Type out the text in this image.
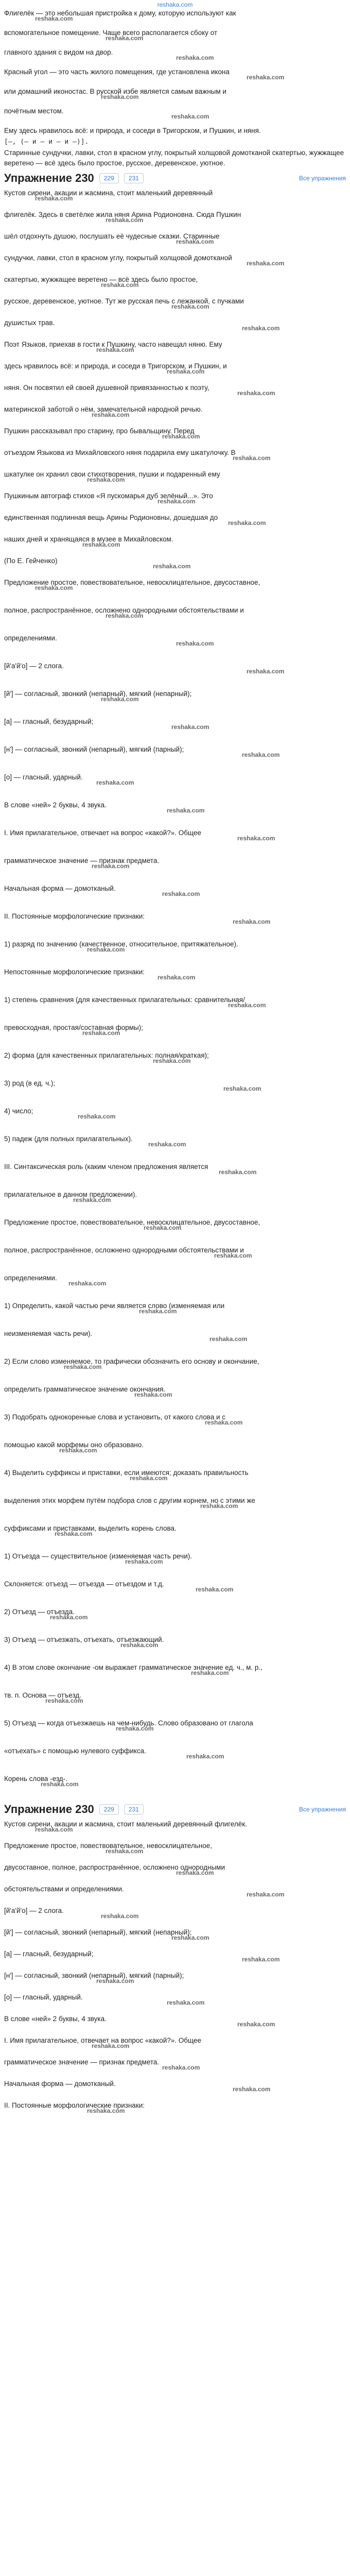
reshaka.com
Флигелёк — это небольшая пристройка к дому, которую используют как
reshaka.com
вспомогательное помещение. Чаще всего располагается сбоку от
reshaka.com
главного здания с видом на двор.
reshaka.com
Красный угол — это часть жилого помещения, где установлена икона
reshaka.com
или домашний иконостас. В русской избе является самым важным и
reshaka.com
почётным местом.
reshaka.com
Ему здесь нравилось всё: и природа, и соседи в Тригорском, и Пушкин, и няня.
[—, (— и — и — и —)].
Старинные сундучки, лавки, стол в красном углу, покрытый холщовой домотканой скатертью, жужжащее веретено — всё здесь было простое, русское, деревенское, уютное.
Упражнение 230	229	231	Все упражнения
Кустов сирени, акации и жасмина, стоит маленький деревянный
reshaka.com
флигелёк. Здесь в светёлке жила няня Арина Родионовна. Сюда Пушкин
reshaka.com
шёл отдохнуть душою, послушать её чудесные сказки. Старинные
reshaka.com
сундучки, лавки, стол в красном углу, покрытый холщовой домотканой
reshaka.com
скатертью, жужжащее веретено — всё здесь было простое,
reshaka.com
русское, деревенское, уютное. Тут же русская печь с лежанкой, с пучками
reshaka.com
душистых трав.
reshaka.com
Поэт Языков, приехав в гости к Пушкину, часто навещал няню. Ему
reshaka.com
здесь нравилось всё: и природа, и соседи в Тригорском, и Пушкин, и
reshaka.com
няня. Он посвятил ей своей душевной привязанностью к поэту,
reshaka.com
материнской заботой о нём, замечательной народной речью.
reshaka.com
Пушкин рассказывал про старину, про бывальщину. Перед
reshaka.com
отъездом Языкова из Михайловского няня подарила ему шкатулочку. В
reshaka.com
шкатулке он хранил свои стихотворения, пушки и подаренный ему
reshaka.com
Пушкиным автограф стихов «Я пускомарья дуб зелёный...». Это
reshaka.com
единственная подлинная вещь Арины Родионовны, дошедшая до
reshaka.com
наших дней и хранящаяся в музее в Михайловском.
reshaka.com
(По Е. Гейченко)
reshaka.com
Предложение простое, повествовательное, невосклицательное, двусоставное,
reshaka.com
полное, распространённое, осложнено однородными обстоятельствами и
reshaka.com
определениями.
reshaka.com
[й'а'й'о] — 2 слога.
reshaka.com
[й'] — согласный, звонкий (непарный), мягкий (непарный);
reshaka.com
[а] — гласный, безударный;
reshaka.com
[н'] — согласный, звонкий (непарный), мягкий (парный);
reshaka.com
[о] — гласный, ударный.
reshaka.com
В слове «ней» 2 буквы, 4 звука.
reshaka.com
I. Имя прилагательное, отвечает на вопрос «какой?». Общее
reshaka.com
грамматическое значение — признак предмета.
reshaka.com
Начальная форма — домотканый.
reshaka.com
II. Постоянные морфологические признаки:
reshaka.com
1) разряд по значению (качественное, относительное, притяжательное).
reshaka.com
Непостоянные морфологические признаки:
reshaka.com
1) степень сравнения (для качественных прилагательных: сравнительная/
reshaka.com
превосходная, простая/составная формы);
reshaka.com
2) форма (для качественных прилагательных: полная/краткая);
reshaka.com
3) род (в ед. ч.);
reshaka.com
4) число;
reshaka.com
5) падеж (для полных прилагательных).
reshaka.com
III. Синтаксическая роль (каким членом предложения является
reshaka.com
прилагательное в данном предложении).
reshaka.com
Предложение простое, повествовательное, невосклицательное, двусоставное,
reshaka.com
полное, распространённое, осложнено однородными обстоятельствами и
reshaka.com
определениями.
reshaka.com
1) Определить, какой частью речи является слово (изменяемая или
reshaka.com
неизменяемая часть речи).
reshaka.com
2) Если слово изменяемое, то графически обозначить его основу и окончание,
reshaka.com
определить грамматическое значение окончания.
reshaka.com
3) Подобрать однокоренные слова и установить, от какого слова и с
reshaka.com
помощью какой морфемы оно образовано.
reshaka.com
4) Выделить суффиксы и приставки, если имеются; доказать правильность
reshaka.com
выделения этих морфем путём подбора слов с другим корнем, но с этими же
reshaka.com
суффиксами и приставками, выделить корень слова.
reshaka.com
1) Отъезда — существительное (изменяемая часть речи).
reshaka.com
Склоняется: отъезд — отъезда — отъездом и т.д.
reshaka.com
2) Отъезд — отъезда.
reshaka.com
3) Отъезд — отъезжать, отъехать, отъезжающий.
reshaka.com
4) В этом слове окончание -ом выражает грамматическое значение ед. ч., м. р.,
reshaka.com
тв. п. Основа — отъезд.
reshaka.com
5) Отъезд — когда отъезжаешь на чем-нибудь. Слово образовано от глагола
reshaka.com
«отъехать» с помощью нулевого суффикса.
reshaka.com
Корень слова -езд-.
reshaka.com
Упражнение 230	229	231	Все упражнения
Кустов сирени, акации и жасмина, стоит маленький деревянный флигелёк.
reshaka.com
Предложение простое, повествовательное, невосклицательное,
reshaka.com
двусоставное, полное, распространённое, осложнено однородными
reshaka.com
обстоятельствами и определениями.
reshaka.com
[й'а'й'о] — 2 слога.
reshaka.com
[й'] — согласный, звонкий (непарный), мягкий (непарный);
reshaka.com
[а] — гласный, безударный;
reshaka.com
[н'] — согласный, звонкий (непарный), мягкий (парный);
reshaka.com
[о] — гласный, ударный.
reshaka.com
В слове «ней» 2 буквы, 4 звука.
reshaka.com
I. Имя прилагательное, отвечает на вопрос «какой?». Общее
reshaka.com
грамматическое значение — признак предмета.
reshaka.com
Начальная форма — домотканый.
reshaka.com
II. Постоянные морфологические признаки:
reshaka.com
